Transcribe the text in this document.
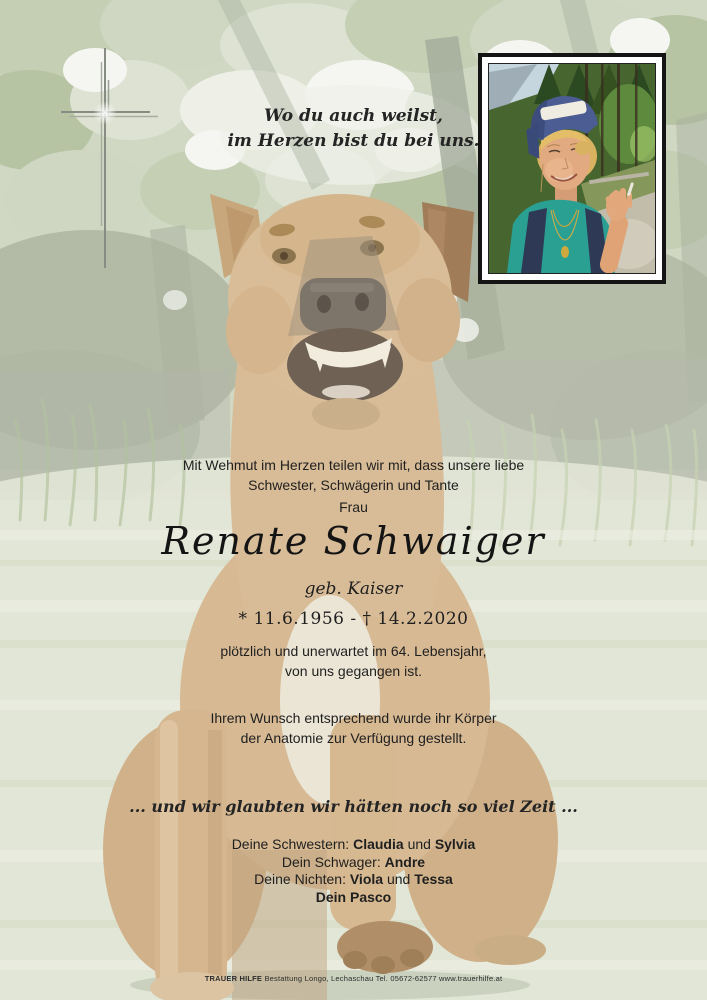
Wo du auch weilst,
im Herzen bist du bei uns.
Mit Wehmut im Herzen teilen wir mit, dass unsere liebe
Schwester, Schwägerin und Tante
Frau
Renate Schwaiger
geb. Kaiser
* 11.6.1956 - † 14.2.2020
plötzlich und unerwartet im 64. Lebensjahr,
von uns gegangen ist.
Ihrem Wunsch entsprechend wurde ihr Körper
der Anatomie zur Verfügung gestellt.
... und wir glaubten wir hätten noch so viel Zeit ...
Deine Schwestern: Claudia und Sylvia
Dein Schwager: Andre
Deine Nichten: Viola und Tessa
Dein Pasco
TRAUER HILFE Bestattung Longo, Lechaschau Tel. 05672-62577 www.trauerhilfe.at
